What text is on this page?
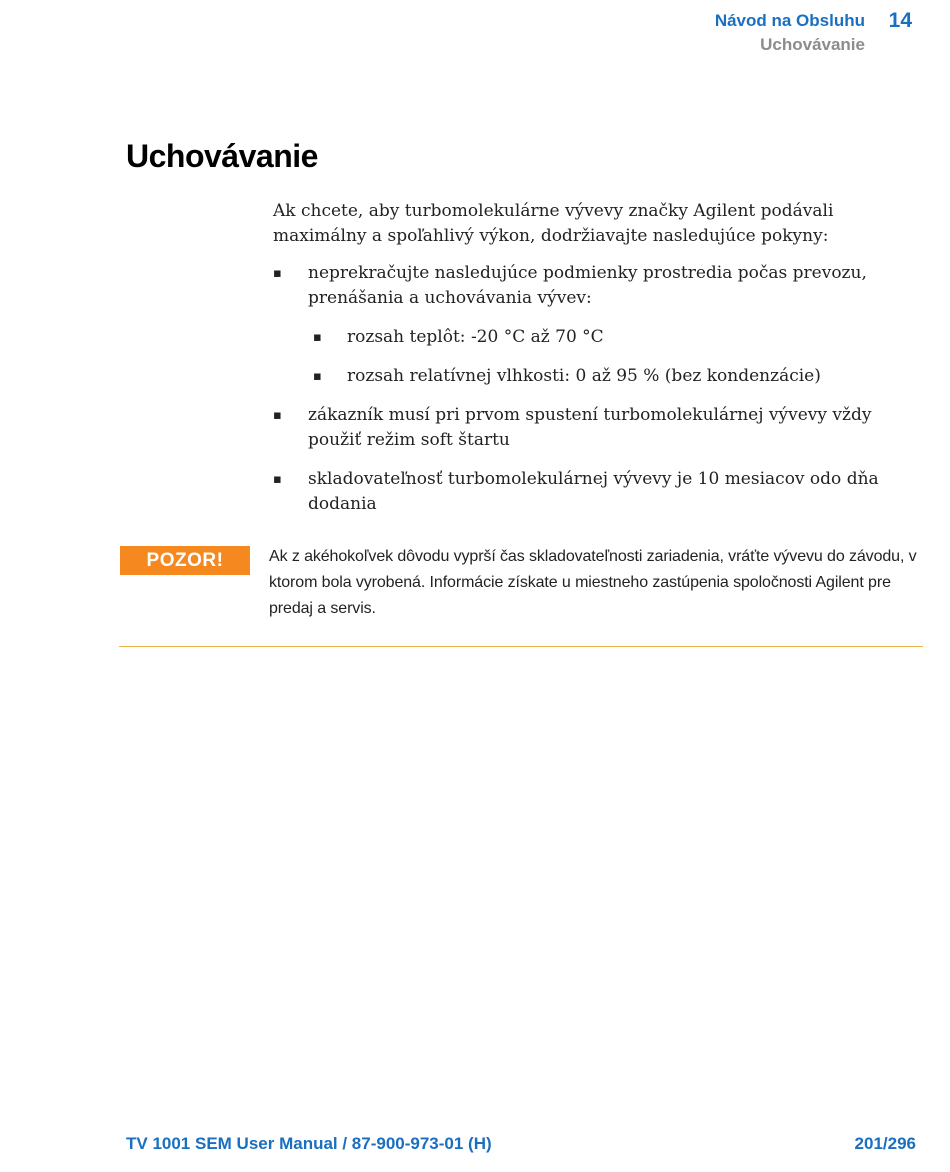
Návod na Obsluhu 14
Uchovávanie
Uchovávanie
Ak chcete, aby turbomolekulárne vývevy značky Agilent podávali maximálny a spoľahlivý výkon, dodržiavajte nasledujúce pokyny:
▪ neprekračujte nasledujúce podmienky prostredia počas prevozu, prenášania a uchovávania vývev:
▪ rozsah teplôt: -20 °C až 70 °C
▪ rozsah relatívnej vlhkosti: 0 až 95 % (bez kondenzácie)
▪ zákazník musí pri prvom spustení turbomolekulárnej vývevy vždy použiť režim soft štartu
▪ skladovateľnosť turbomolekulárnej vývevy je 10 mesiacov odo dňa dodania
POZOR!	Ak z akéhokoľvek dôvodu vyprší čas skladovateľnosti zariadenia, vráťte vývevu do závodu, v ktorom bola vyrobená. Informácie získate u miestneho zastúpenia spoločnosti Agilent pre predaj a servis.
TV 1001 SEM User Manual / 87-900-973-01 (H)	201/296
